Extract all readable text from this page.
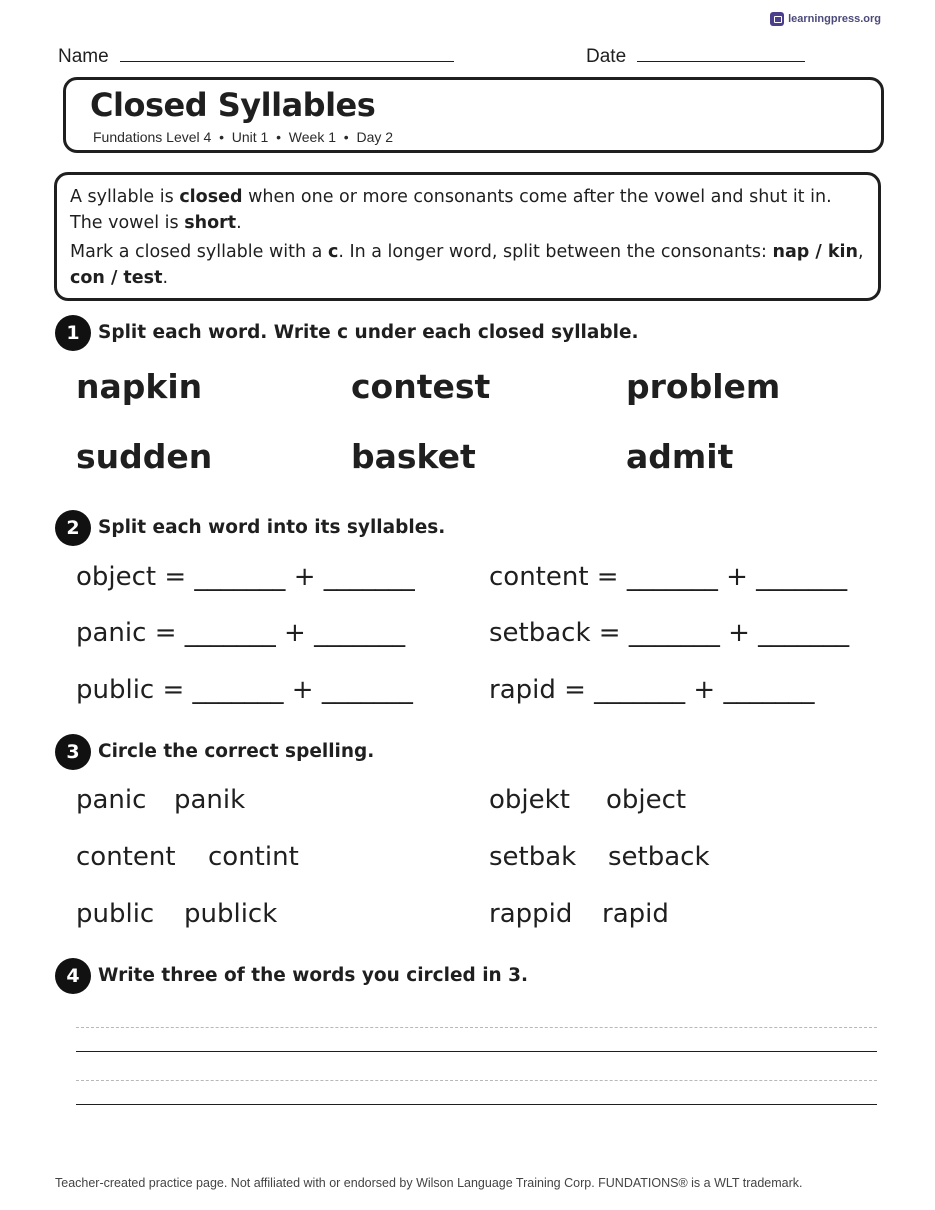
learningpress.org
Name	Date
Closed Syllables
Fundations Level 4  •  Unit 1  •  Week 1  •  Day 2

A syllable is closed when one or more consonants come after the vowel and shut it in. The vowel is short.

Mark a closed syllable with a c. In a longer word, split between the consonants: nap / kin, con / test.

1 Split each word. Write c under each closed syllable.
napkin	contest	problem
sudden	basket	admit
2 Split each word into its syllables.
object = _______ + _______	content = _______ + _______
panic = _______ + _______	setback = _______ + _______
public = _______ + _______	rapid = _______ + _______
3 Circle the correct spelling.
panic panik	objekt object
content contint	setbak setback
public publick	rappid rapid
4 Write three of the words you circled in 3.
Teacher-created practice page. Not affiliated with or endorsed by Wilson Language Training Corp. FUNDATIONS® is a WLT trademark.
